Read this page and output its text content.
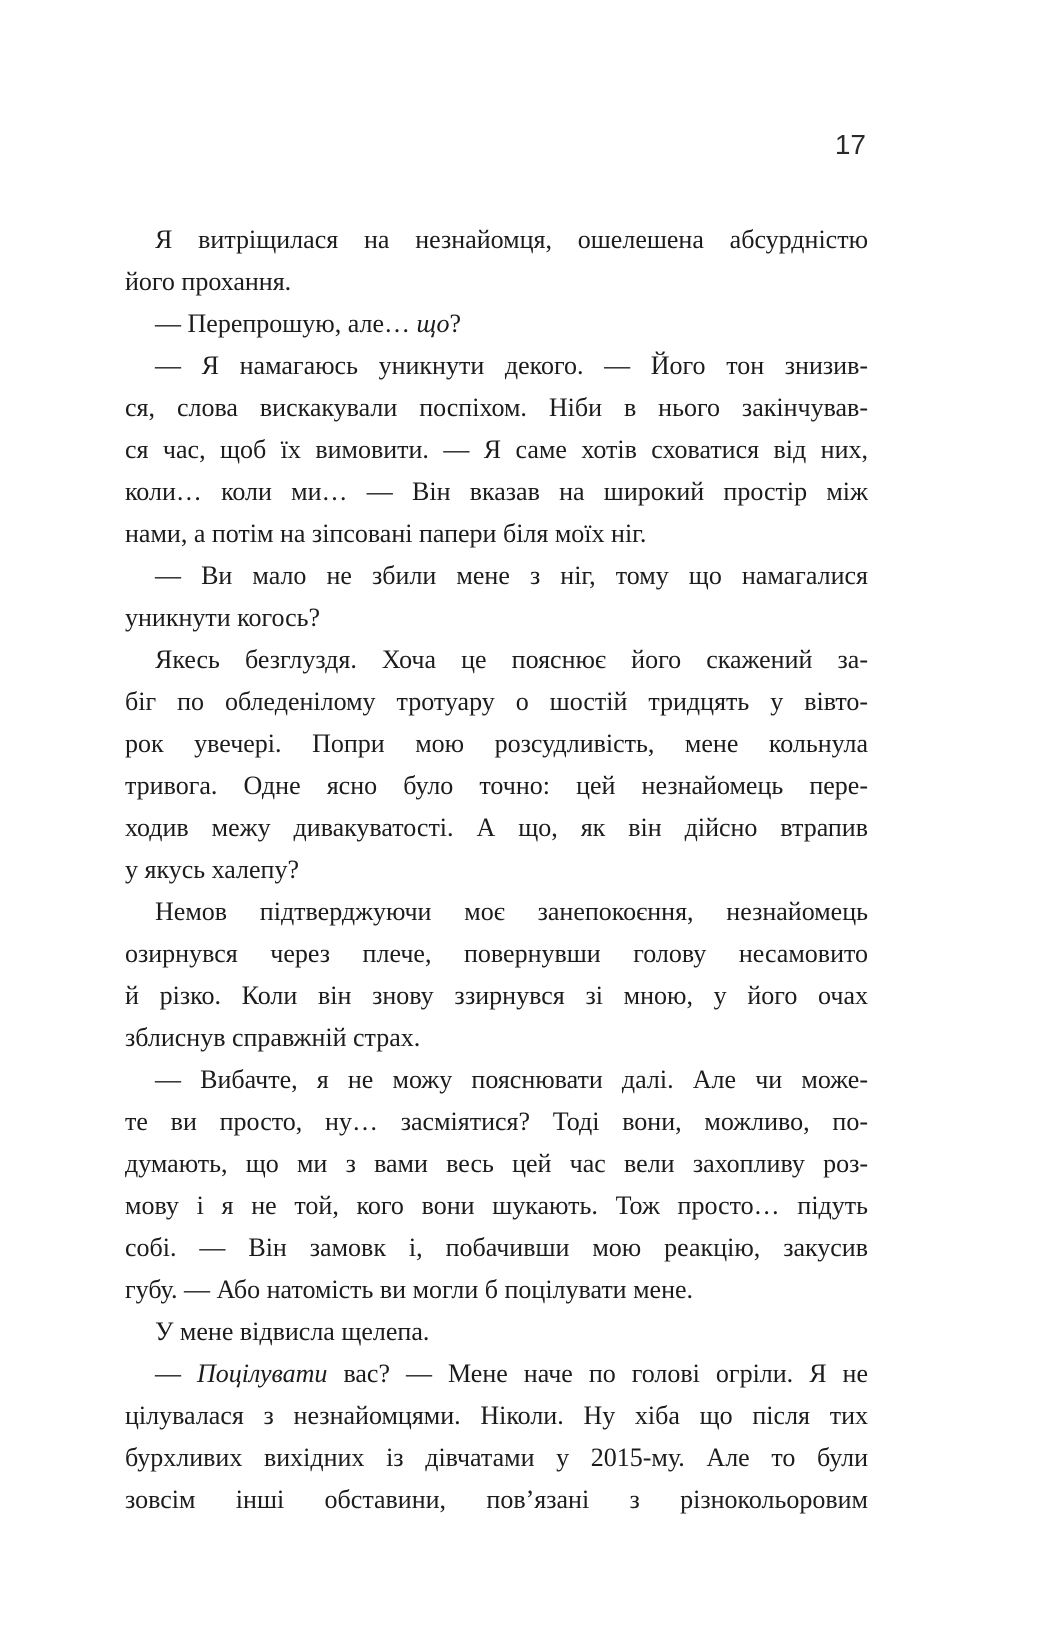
17
Я витріщилася на незнайомця, ошелешена абсурдністю
його прохання.
— Перепрошую, але… що?
— Я намагаюсь уникнути декого. — Його тон знизив-
ся, слова вискакували поспіхом. Ніби в нього закінчував-
ся час, щоб їх вимовити. — Я саме хотів сховатися від них,
коли… коли ми… — Він вказав на широкий простір між
нами, а потім на зіпсовані папери біля моїх ніг.
— Ви мало не збили мене з ніг, тому що намагалися
уникнути когось?
Якесь безглуздя. Хоча це пояснює його скажений за-
біг по обледенілому тротуару о шостій тридцять у вівто-
рок увечері. Попри мою розсудливість, мене кольнула
тривога. Одне ясно було точно: цей незнайомець пере-
ходив межу дивакуватості. А що, як він дійсно втрапив
у якусь халепу?
Немов підтверджуючи моє занепокоєння, незнайомець
озирнувся через плече, повернувши голову несамовито
й різко. Коли він знову ззирнувся зі мною, у його очах
зблиснув справжній страх.
— Вибачте, я не можу пояснювати далі. Але чи може-
те ви просто, ну… засміятися? Тоді вони, можливо, по-
думають, що ми з вами весь цей час вели захопливу роз-
мову і я не той, кого вони шукають. Тож просто… підуть
собі. — Він замовк і, побачивши мою реакцію, закусив
губу. — Або натомість ви могли б поцілувати мене.
У мене відвисла щелепа.
— Поцілувати вас? — Мене наче по голові огріли. Я не
цілувалася з незнайомцями. Ніколи. Ну хіба що після тих
бурхливих вихідних із дівчатами у 2015-му. Але то були
зовсім інші обставини, пов’язані з різнокольоровим
